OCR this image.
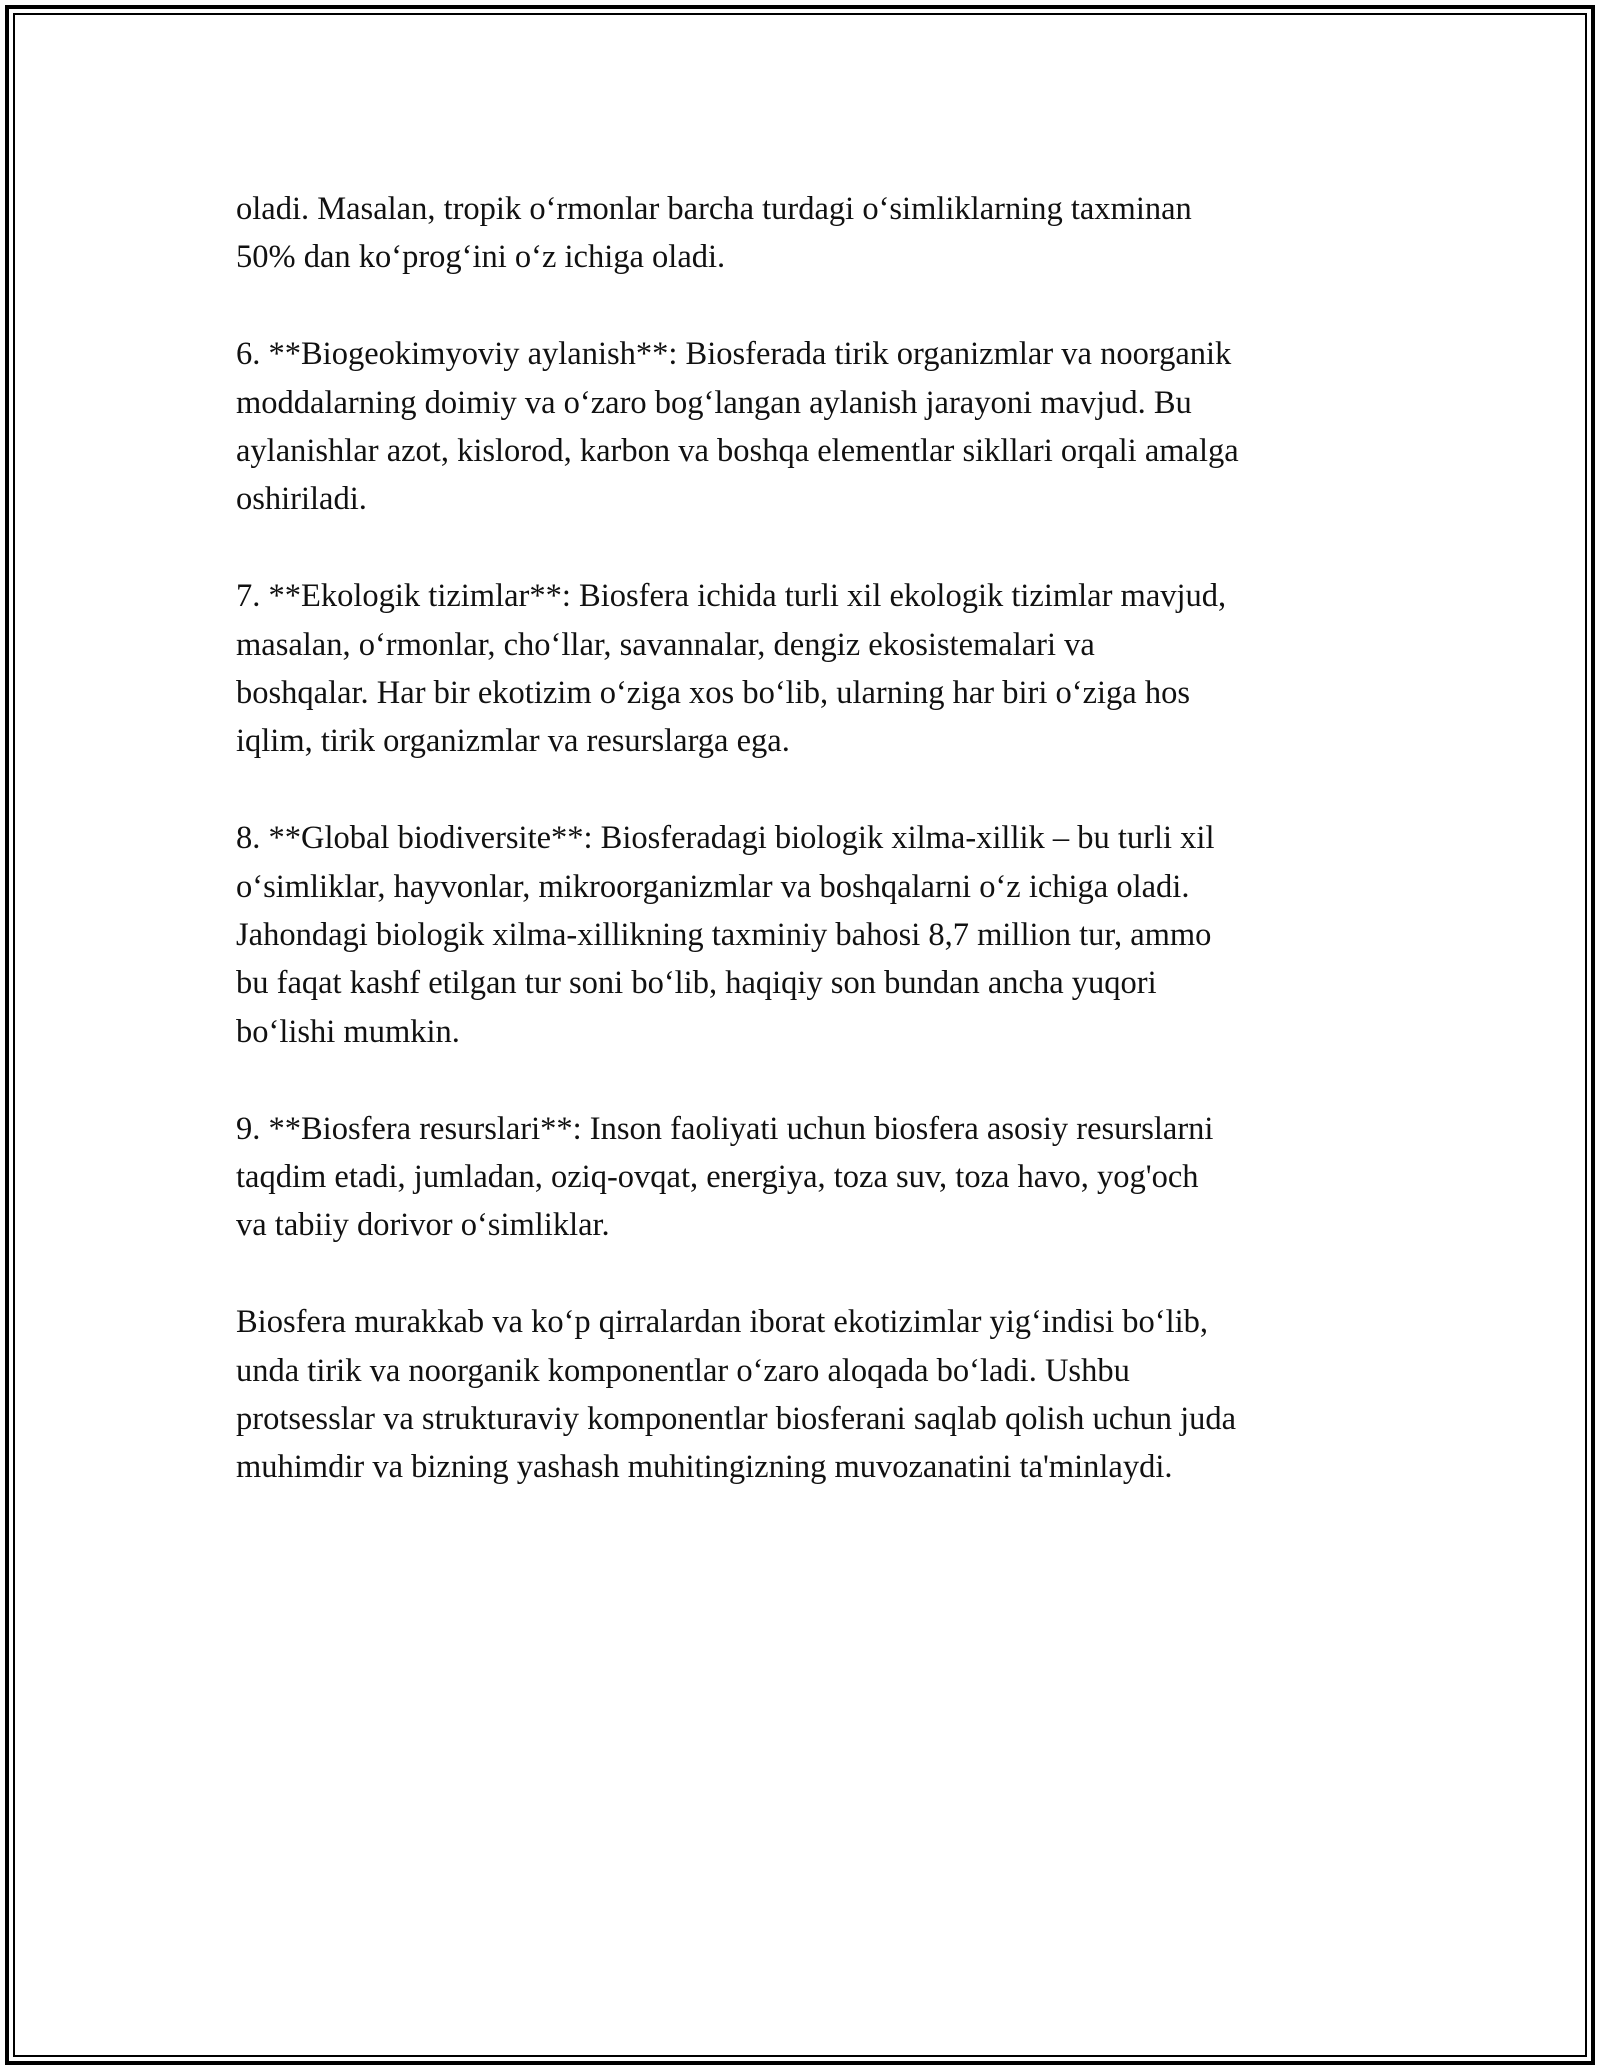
oladi. Masalan, tropik o‘rmonlar barcha turdagi o‘simliklarning taxminan
50% dan ko‘prog‘ini o‘z ichiga oladi.
6. **Biogeokimyoviy aylanish**: Biosferada tirik organizmlar va noorganik
moddalarning doimiy va o‘zaro bog‘langan aylanish jarayoni mavjud. Bu
aylanishlar azot, kislorod, karbon va boshqa elementlar sikllari orqali amalga
oshiriladi.
7. **Ekologik tizimlar**: Biosfera ichida turli xil ekologik tizimlar mavjud,
masalan, o‘rmonlar, cho‘llar, savannalar, dengiz ekosistemalari va
boshqalar. Har bir ekotizim o‘ziga xos bo‘lib, ularning har biri o‘ziga hos
iqlim, tirik organizmlar va resurslarga ega.
8. **Global biodiversite**: Biosferadagi biologik xilma-xillik – bu turli xil
o‘simliklar, hayvonlar, mikroorganizmlar va boshqalarni o‘z ichiga oladi.
Jahondagi biologik xilma-xillikning taxminiy bahosi 8,7 million tur, ammo
bu faqat kashf etilgan tur soni bo‘lib, haqiqiy son bundan ancha yuqori
bo‘lishi mumkin.
9. **Biosfera resurslari**: Inson faoliyati uchun biosfera asosiy resurslarni
taqdim etadi, jumladan, oziq-ovqat, energiya, toza suv, toza havo, yog'och
va tabiiy dorivor o‘simliklar.
Biosfera murakkab va ko‘p qirralardan iborat ekotizimlar yig‘indisi bo‘lib,
unda tirik va noorganik komponentlar o‘zaro aloqada bo‘ladi. Ushbu
protsesslar va strukturaviy komponentlar biosferani saqlab qolish uchun juda
muhimdir va bizning yashash muhitingizning muvozanatini ta'minlaydi.
